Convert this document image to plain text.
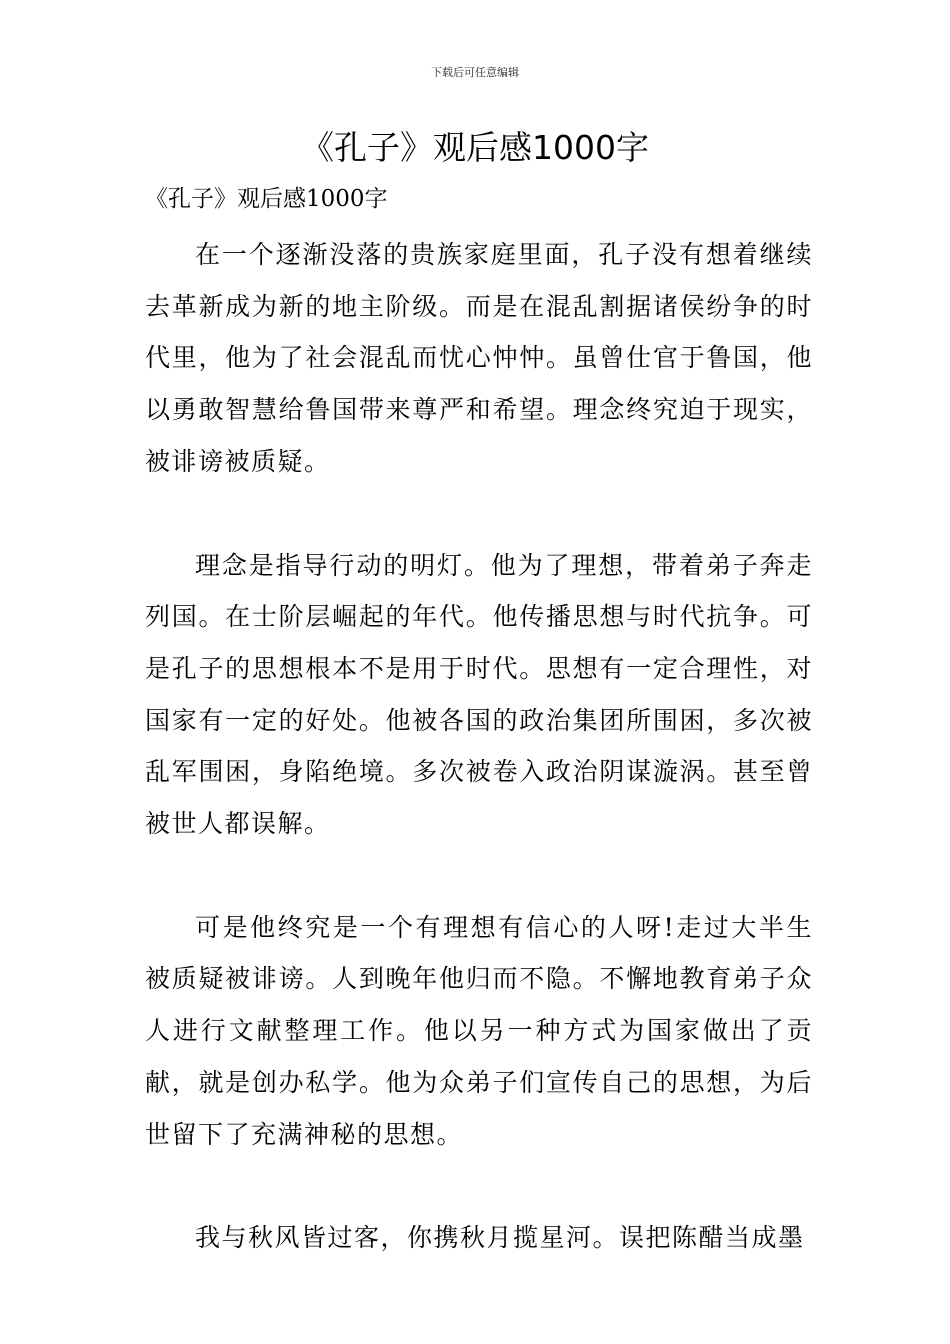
下载后可任意编辑
《孔子》观后感1000字

《孔子》观后感1000字

在一个逐渐没落的贵族家庭里面，孔子没有想着继续去革新成为新的地主阶级。而是在混乱割据诸侯纷争的时代里，他为了社会混乱而忧心忡忡。虽曾仕官于鲁国，他以勇敢智慧给鲁国带来尊严和希望。理念终究迫于现实，被诽谤被质疑。

理念是指导行动的明灯。他为了理想，带着弟子奔走列国。在士阶层崛起的年代。他传播思想与时代抗争。可是孔子的思想根本不是用于时代。思想有一定合理性，对国家有一定的好处。他被各国的政治集团所围困，多次被乱军围困，身陷绝境。多次被卷入政治阴谋漩涡。甚至曾被世人都误解。

可是他终究是一个有理想有信心的人呀!走过大半生被质疑被诽谤。人到晚年他归而不隐。不懈地教育弟子众人进行文献整理工作。他以另一种方式为国家做出了贡献，就是创办私学。他为众弟子们宣传自己的思想，为后世留下了充满神秘的思想。

我与秋风皆过客，你携秋月揽星河。误把陈醋当成墨
